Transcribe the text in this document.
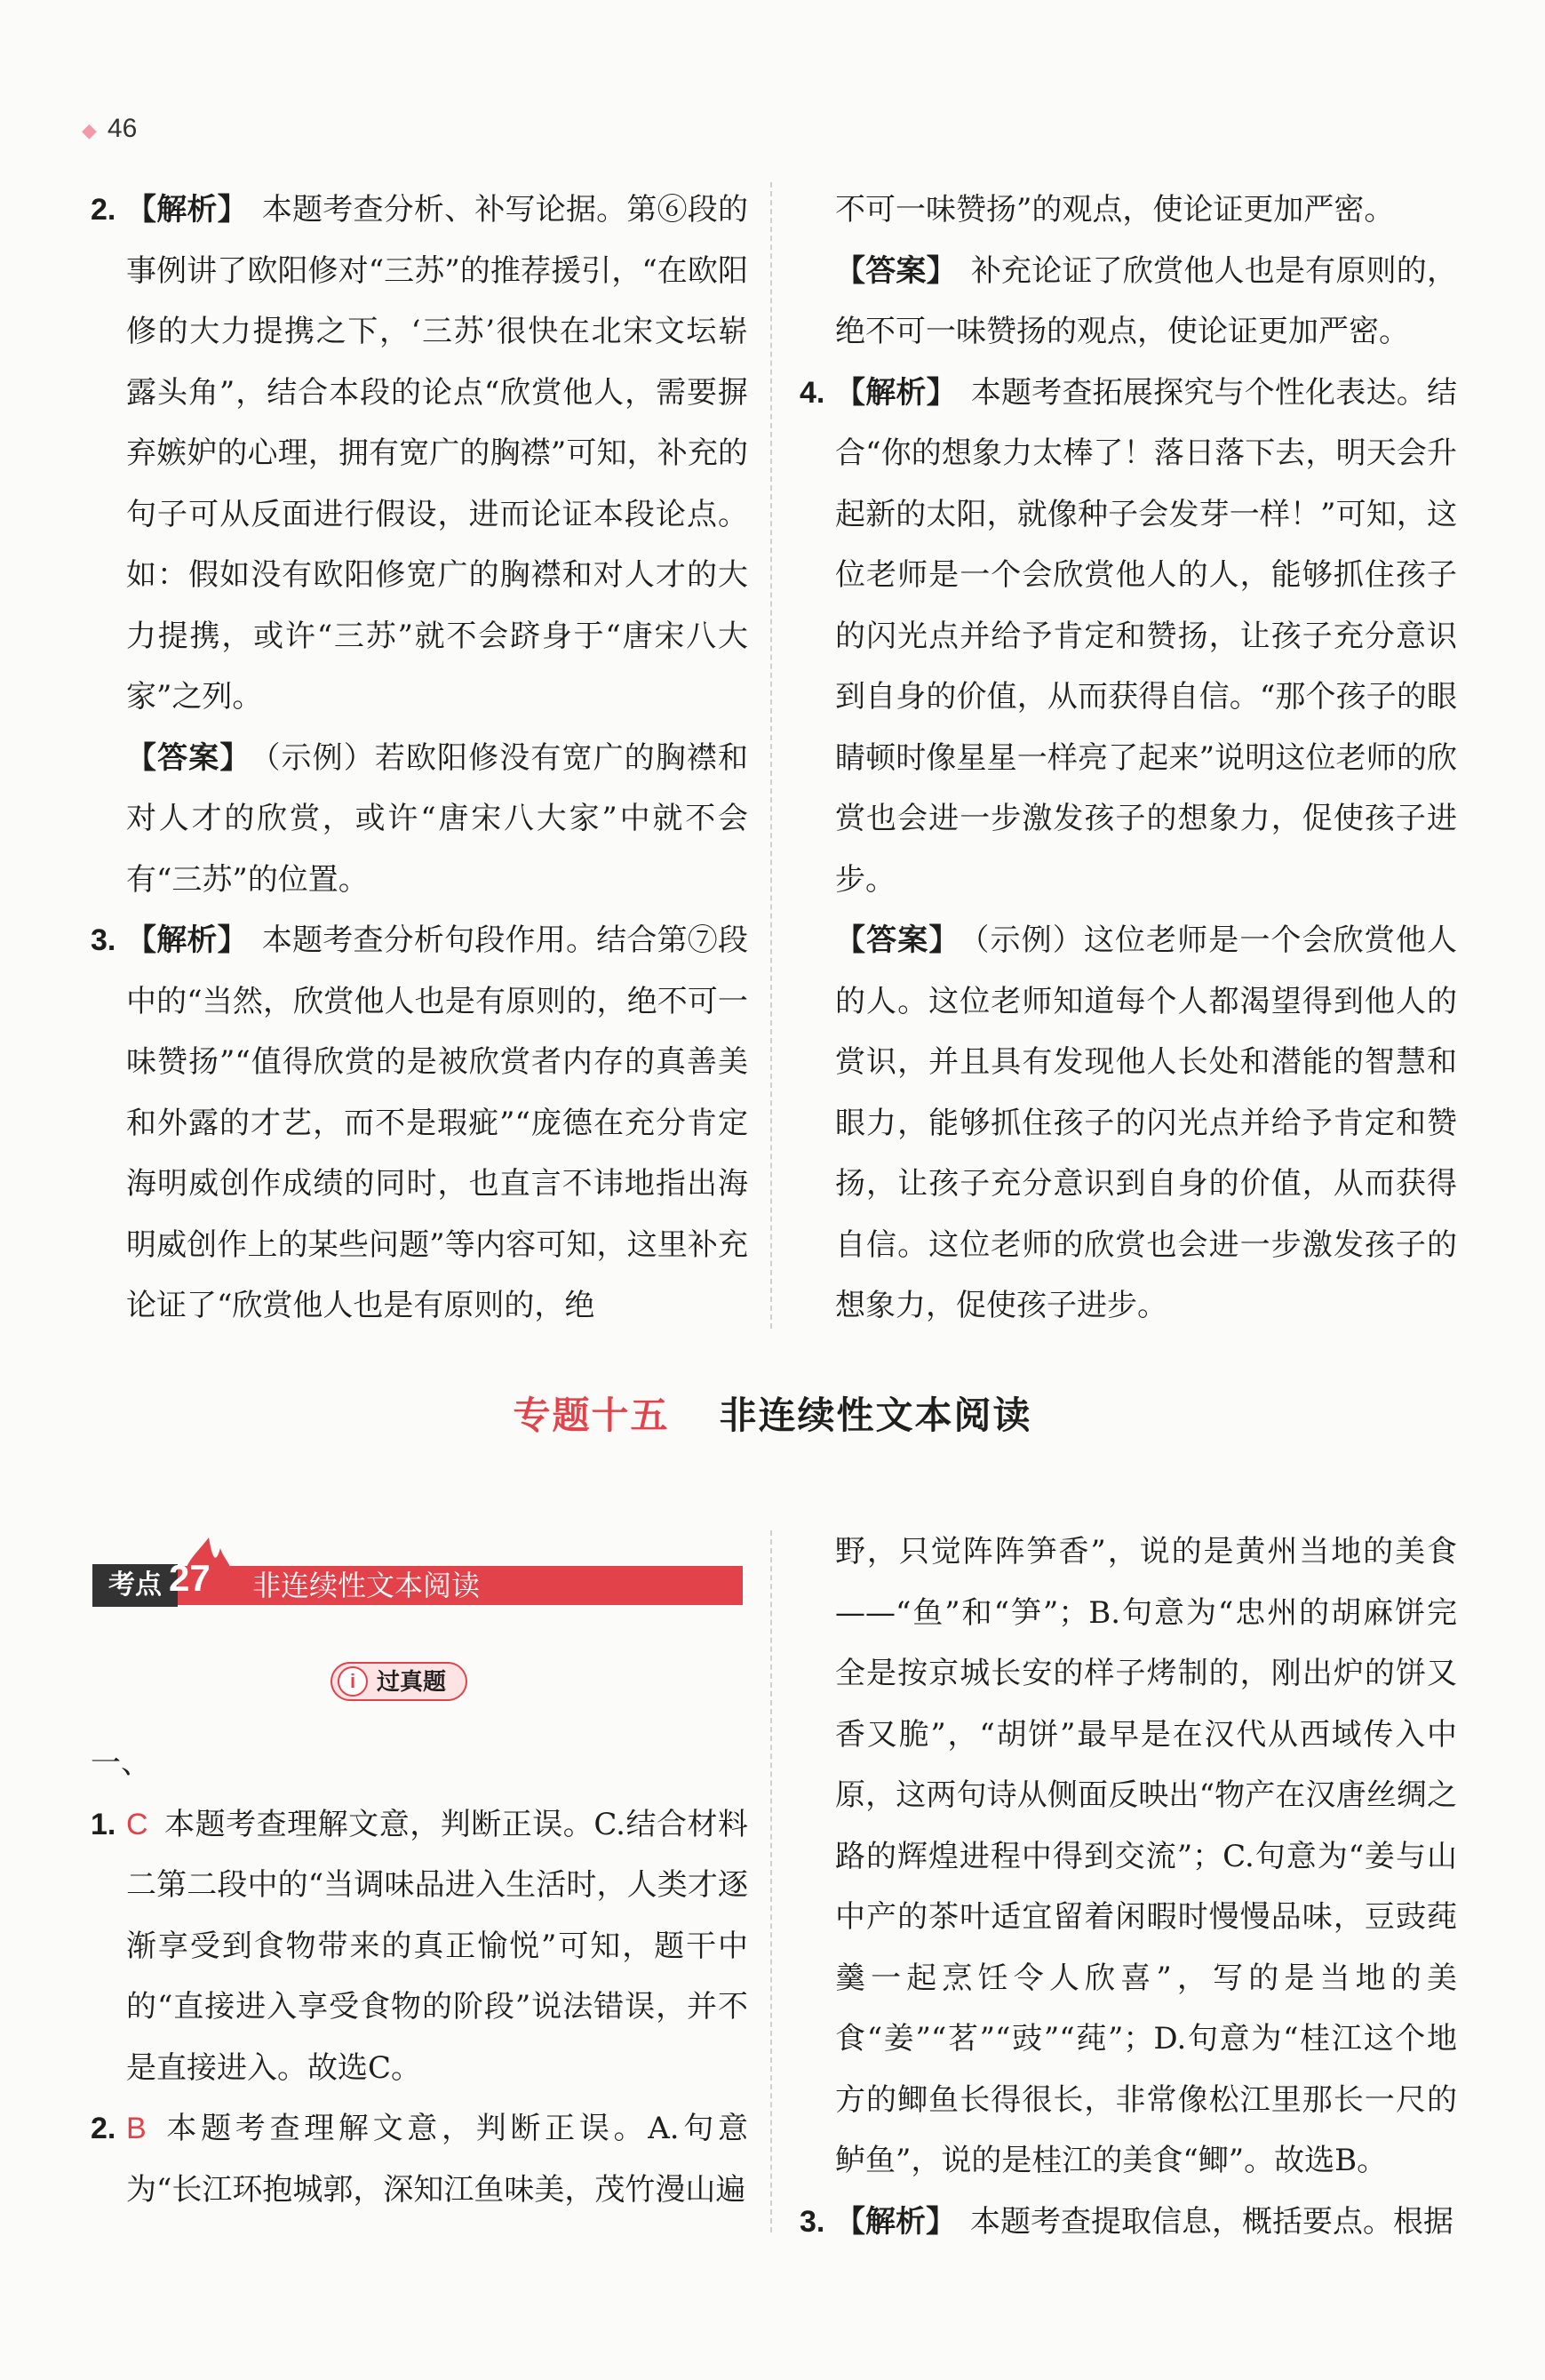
◆ 46
2. 【解析】 本题考查分析、补写论据。第⑥段的事例讲了欧阳修对“三苏”的推荐援引，“在欧阳修的大力提携之下，‘三苏’很快在北宋文坛崭露头角”，结合本段的论点“欣赏他人，需要摒弃嫉妒的心理，拥有宽广的胸襟”可知，补充的句子可从反面进行假设，进而论证本段论点。如：假如没有欧阳修宽广的胸襟和对人才的大力提携，或许“三苏”就不会跻身于“唐宋八大家”之列。
【答案】 （示例）若欧阳修没有宽广的胸襟和对人才的欣赏，或许“唐宋八大家”中就不会有“三苏”的位置。
3. 【解析】 本题考查分析句段作用。结合第⑦段中的“当然，欣赏他人也是有原则的，绝不可一味赞扬”“值得欣赏的是被欣赏者内存的真善美和外露的才艺，而不是瑕疵”“庞德在充分肯定海明威创作成绩的同时，也直言不讳地指出海明威创作上的某些问题”等内容可知，这里补充论证了“欣赏他人也是有原则的，绝
不可一味赞扬”的观点，使论证更加严密。
【答案】 补充论证了欣赏他人也是有原则的，绝不可一味赞扬的观点，使论证更加严密。
4. 【解析】 本题考查拓展探究与个性化表达。结合“你的想象力太棒了！落日落下去，明天会升起新的太阳，就像种子会发芽一样！”可知，这位老师是一个会欣赏他人的人，能够抓住孩子的闪光点并给予肯定和赞扬，让孩子充分意识到自身的价值，从而获得自信。“那个孩子的眼睛顿时像星星一样亮了起来”说明这位老师的欣赏也会进一步激发孩子的想象力，促使孩子进步。
【答案】 （示例）这位老师是一个会欣赏他人的人。这位老师知道每个人都渴望得到他人的赏识，并且具有发现他人长处和潜能的智慧和眼力，能够抓住孩子的闪光点并给予肯定和赞扬，让孩子充分意识到自身的价值，从而获得自信。这位老师的欣赏也会进一步激发孩子的想象力，促使孩子进步。
专题十五 非连续性文本阅读
考点 27 非连续性文本阅读
i 过真题
一、
1. C 本题考查理解文意，判断正误。C.结合材料二第二段中的“当调味品进入生活时，人类才逐渐享受到食物带来的真正愉悦”可知，题干中的“直接进入享受食物的阶段”说法错误，并不是直接进入。故选C。
2. B 本题考查理解文意，判断正误。A.句意为“长江环抱城郭，深知江鱼味美，茂竹漫山遍
野，只觉阵阵笋香”，说的是黄州当地的美食——“鱼”和“笋”；B.句意为“忠州的胡麻饼完全是按京城长安的样子烤制的，刚出炉的饼又香又脆”，“胡饼”最早是在汉代从西域传入中原，这两句诗从侧面反映出“物产在汉唐丝绸之路的辉煌进程中得到交流”；C.句意为“姜与山中产的茶叶适宜留着闲暇时慢慢品味，豆豉莼羹一起烹饪令人欣喜”，写的是当地的美食“姜”“茗”“豉”“莼”；D.句意为“桂江这个地方的鲫鱼长得很长，非常像松江里那长一尺的鲈鱼”，说的是桂江的美食“鲫”。故选B。
3. 【解析】 本题考查提取信息，概括要点。根据
